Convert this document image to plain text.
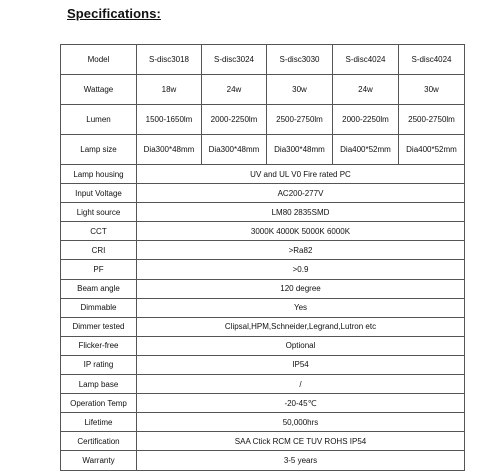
Specifications:
Model	S-disc3018	S-disc3024	S-disc3030	S-disc4024	S-disc4024
Wattage	18w	24w	30w	24w	30w
Lumen	1500-1650lm	2000-2250lm	2500-2750lm	2000-2250lm	2500-2750lm
Lamp size	Dia300*48mm	Dia300*48mm	Dia300*48mm	Dia400*52mm	Dia400*52mm
Lamp housing	UV and UL V0 Fire rated PC				
Input Voltage	AC200-277V				
Light source	LM80 2835SMD				
CCT	3000K 4000K 5000K 6000K				
CRI	>Ra82				
PF	>0.9				
Beam angle	120 degree				
Dimmable	Yes				
Dimmer tested	Clipsal,HPM,Schneider,Legrand,Lutron etc				
Flicker-free	Optional				
IP rating	IP54				
Lamp base	/				
Operation Temp	-20-45℃				
Lifetime	50,000hrs				
Certification	SAA Ctick RCM CE TUV ROHS IP54				
Warranty	3-5 years				
